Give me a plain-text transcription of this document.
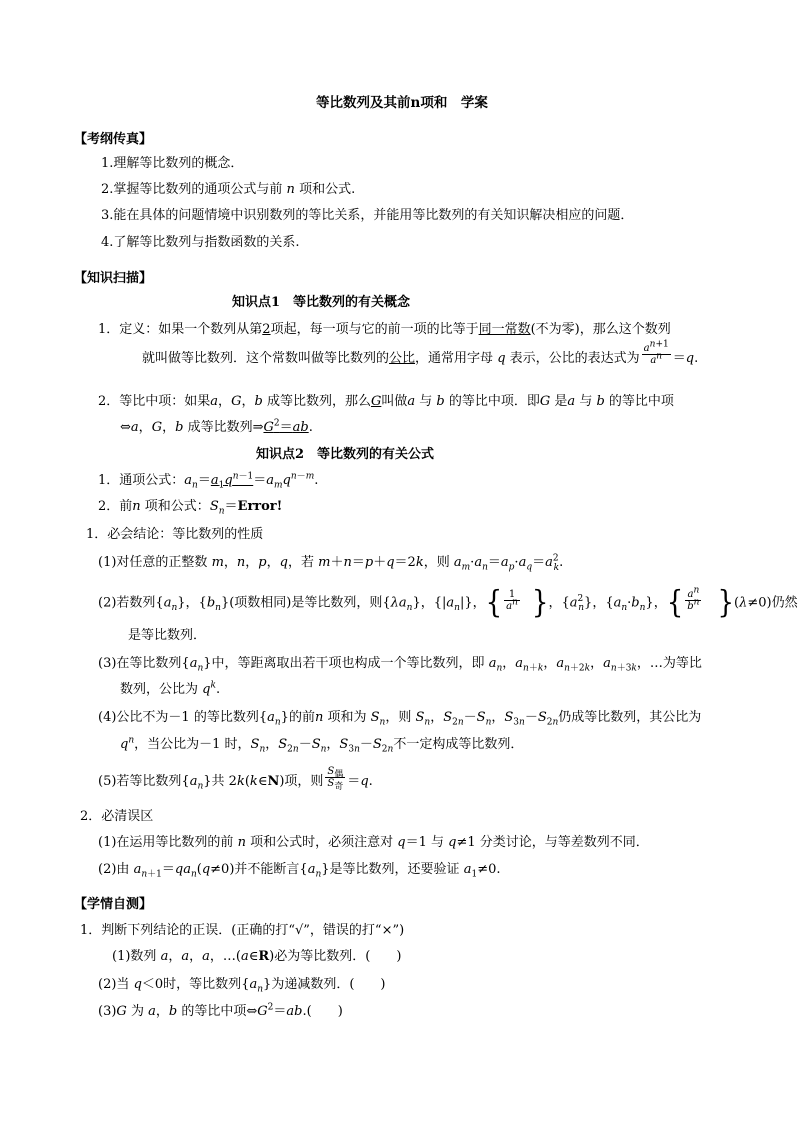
等比数列及其前n项和　学案
【考纲传真】
1.理解等比数列的概念．
2.掌握等比数列的通项公式与前 n 项和公式.
3.能在具体的问题情境中识别数列的等比关系，并能用等比数列的有关知识解决相应的问题．
4.了解等比数列与指数函数的关系.
【知识扫描】
知识点1　等比数列的有关概念
1．定义：如果一个数列从第2项起，每一项与它的前一项的比等于同一常数(不为零)，那么这个数列
就叫做等比数列．这个常数叫做等比数列的公比，通常用字母 q 表示，公比的表达式为 $\frac{a^{n+1}}{a^n} =q$.
2．等比中项：如果a，G，b 成等比数列，那么G叫做a 与 b 的等比中项．即G 是a 与 b 的等比中项
⇔a，G，b 成等比数列$\Rightarrow G^2=ab$.
知识点2　等比数列的有关公式
1．通项公式：$a_n=a_1q^{n-1}=a_mq^{n-m}$.
2．前n 项和公式：$S_n=Error$!
1．必会结论：等比数列的性质
(1)对任意的正整数 m，n，p，q，若 m＋n＝p＋q＝2k，则 $a_m\cdot a_n=a_p\cdot a_q=a^2_k$.
(2)若数列$\{a_n\}$，$\{b_n\}$(项数相同)是等比数列，则$\{\lambda a_n\}$，$\{|a_n|\}$，{ $\frac{1}{a^n}$ }，$\{a^2_n\}$，$\{a_n\cdot b_n\}$，{ $\frac{a^n}{b^n} \}(\lambda\ne 0)$仍然
是等比数列．
(3)在等比数列$\{a_n\}$中，等距离取出若干项也构成一个等比数列，即 $a_n$，$a_{n+k}$，$a_{n+2k}$，$a_{n+3k}$，…为等比
数列，公比为 $q^k$.
(4)公比不为－1 的等比数列$\{a_n\}$的前n 项和为 $S_n$，则 $S_n$，$S_{2n}-S_n$，$S_{3n}-S_{2n}$仍成等比数列，其公比为
$q^n$，当公比为－1 时，$S_n$，$S_{2n}-S_n$，$S_{3n}-S_{2n}$不一定构成等比数列．
(5)若等比数列$\{a_n\}$共 2k(k∈N)项，则 $\frac{S_偶}{S_奇} =q$.
2．必清误区
(1)在运用等比数列的前 n 项和公式时，必须注意对 q＝1 与 q≠1 分类讨论，与等差数列不同．
(2)由 $a_{n+1}=qa_n(q\ne 0)$并不能断言$\{a_n\}$是等比数列，还要验证 $a_1\ne 0$.
【学情自测】
1．判断下列结论的正误．(正确的打“√”，错误的打“×”)
(1)数列 a，a，a，…(a∈R)必为等比数列．(　　)
(2)当 q＜0时，等比数列$\{a_n\}$为递减数列．(　　)
(3)G 为 a，b 的等比中项$\Leftrightarrow G^2=ab$.(　　)
